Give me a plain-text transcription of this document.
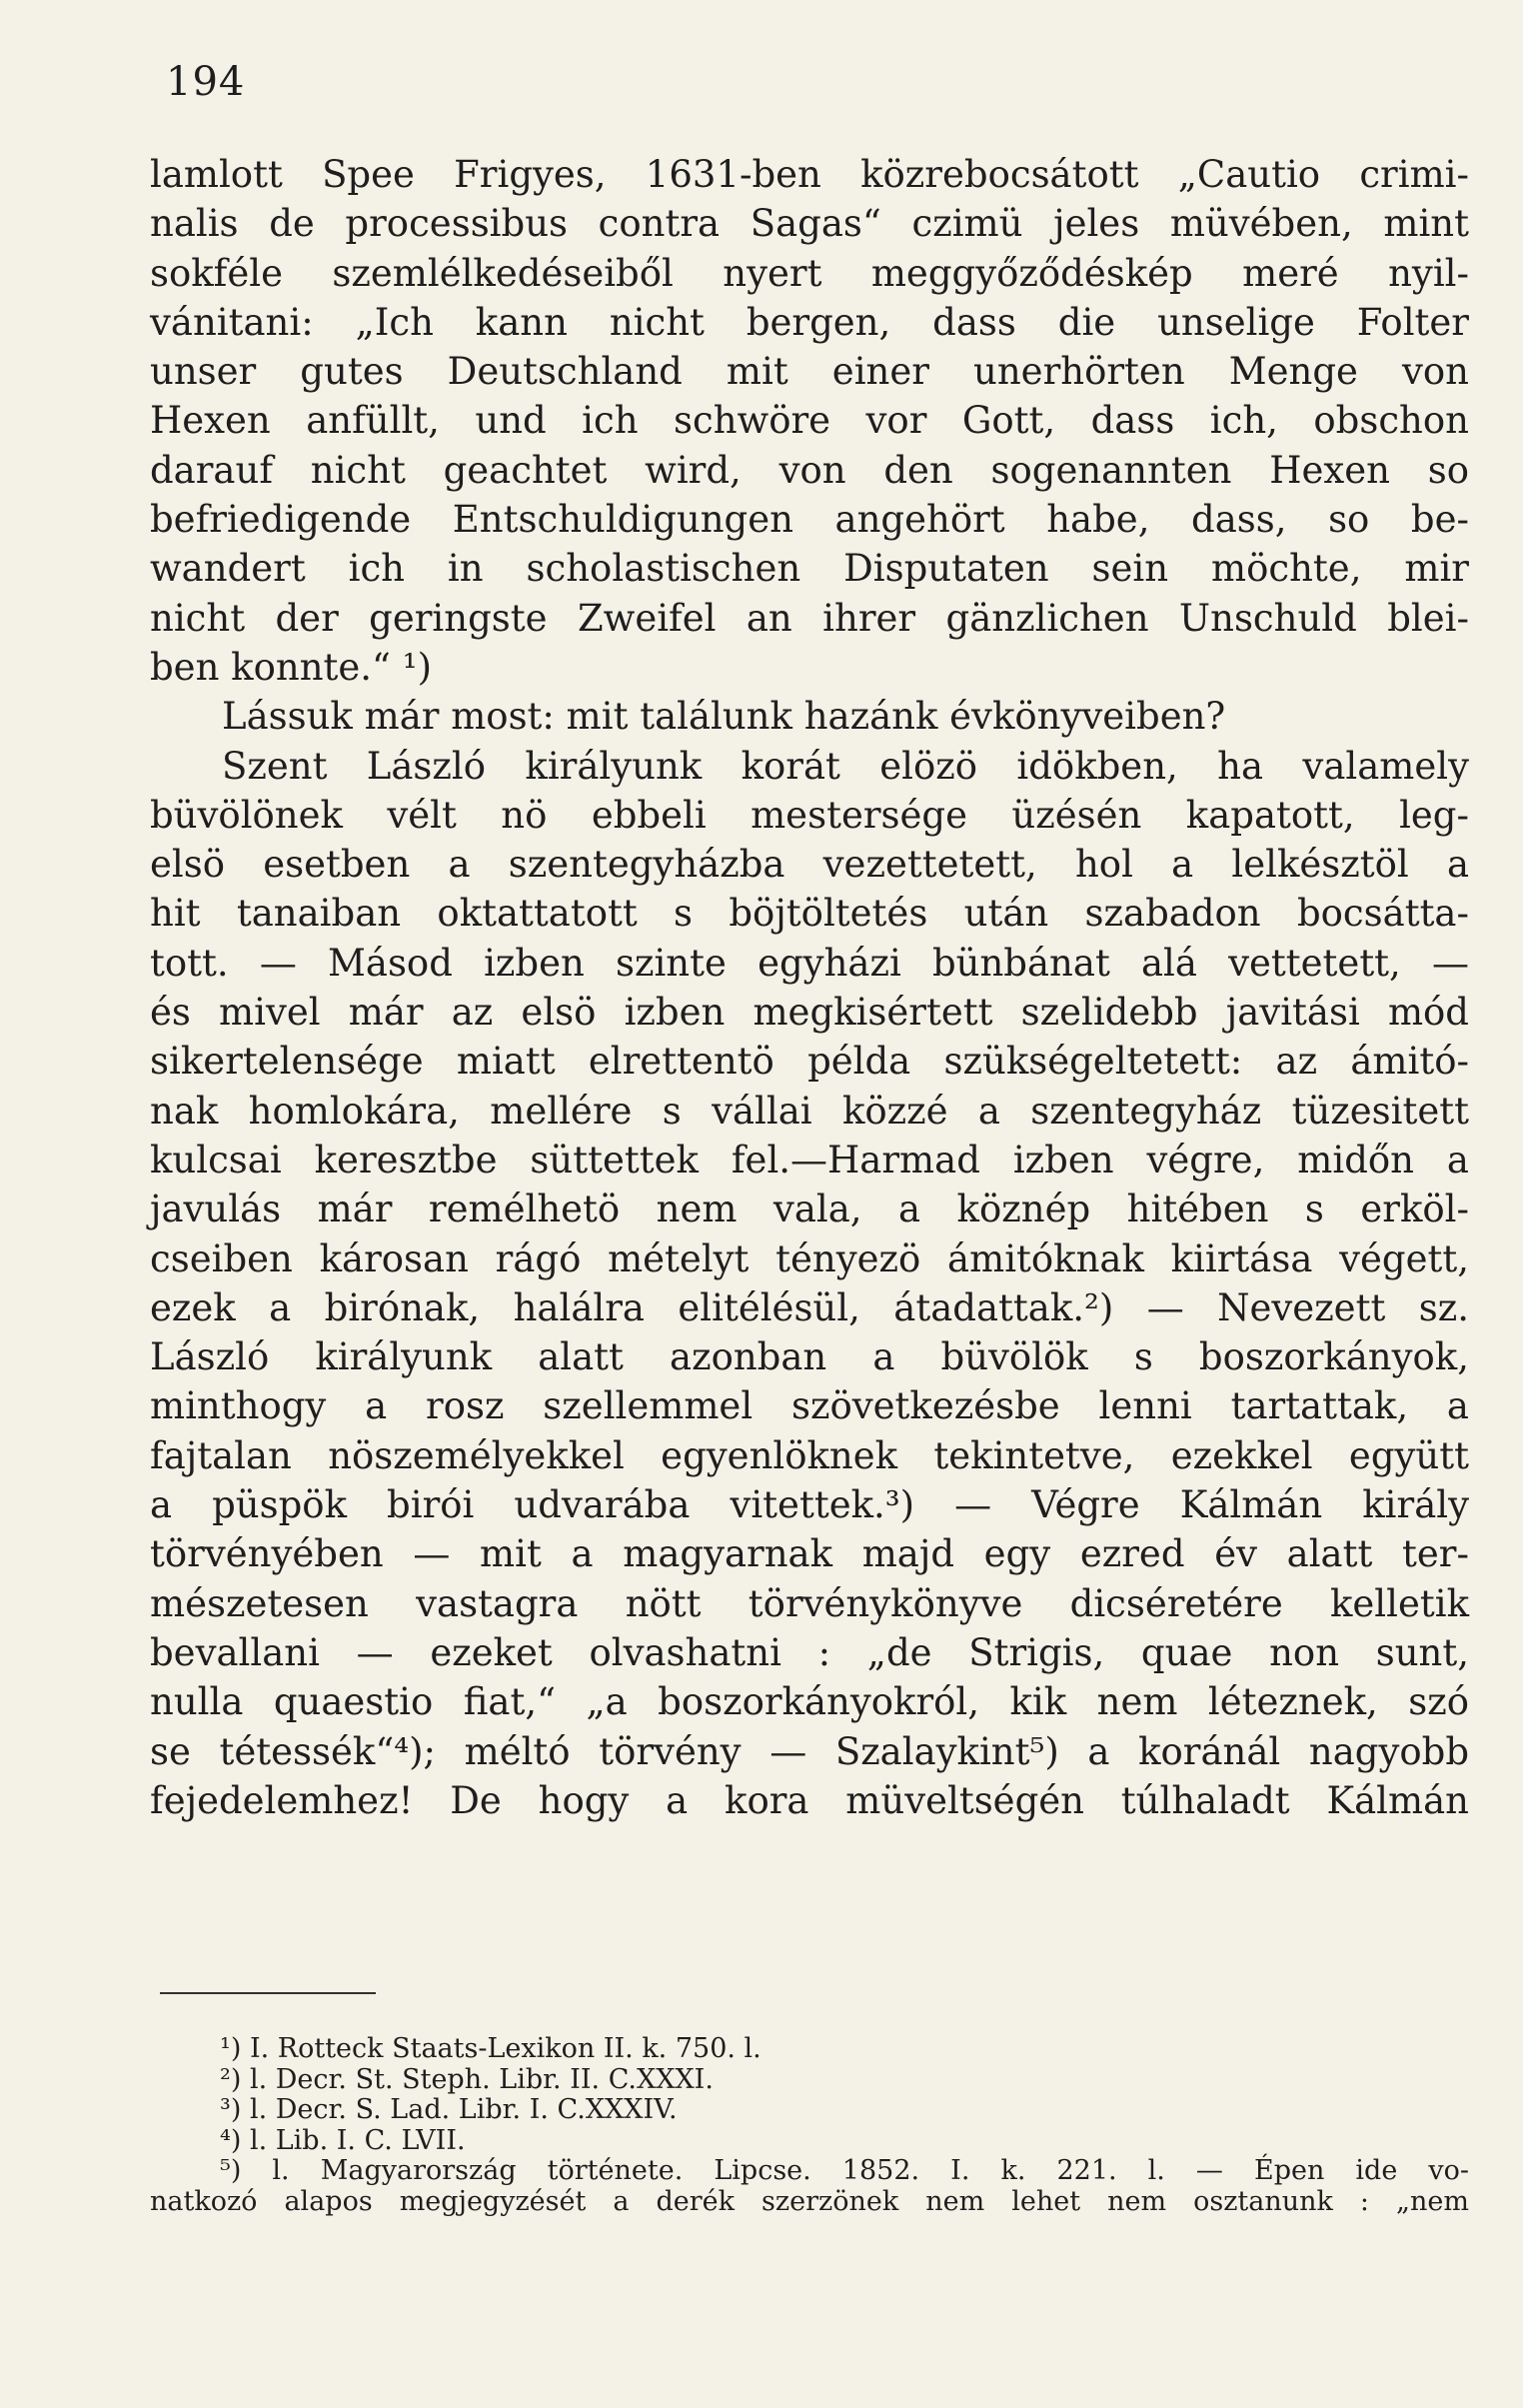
194
lamlott Spee Frigyes, 1631-ben közrebocsátott „Cautio crimi-
nalis de processibus contra Sagas“ czimü jeles müvében, mint
sokféle szemlélkedéseiből nyert meggyőződéskép meré nyil-
vánitani: „Ich kann nicht bergen, dass die unselige Folter
unser gutes Deutschland mit einer unerhörten Menge von
Hexen anfüllt, und ich schwöre vor Gott, dass ich, obschon
darauf nicht geachtet wird, von den sogenannten Hexen so
befriedigende Entschuldigungen angehört habe, dass, so be-
wandert ich in scholastischen Disputaten sein möchte, mir
nicht der geringste Zweifel an ihrer gänzlichen Unschuld blei-
ben konnte.“ ¹)
Lássuk már most: mit találunk hazánk évkönyveiben?
Szent László királyunk korát elözö idökben, ha valamely
büvölönek vélt nö ebbeli mestersége üzésén kapatott, leg-
elsö esetben a szentegyházba vezettetett, hol a lelkésztöl a
hit tanaiban oktattatott s böjtöltetés után szabadon bocsátta-
tott. — Másod izben szinte egyházi bünbánat alá vettetett, —
és mivel már az elsö izben megkisértett szelidebb javitási mód
sikertelensége miatt elrettentö példa szükségeltetett: az ámitó-
nak homlokára, mellére s vállai közzé a szentegyház tüzesitett
kulcsai keresztbe süttettek fel.—Harmad izben végre, midőn a
javulás már remélhetö nem vala, a köznép hitében s erköl-
cseiben károsan rágó mételyt tényezö ámitóknak kiirtása végett,
ezek a birónak, halálra elitélésül, átadattak.²) — Nevezett sz.
László királyunk alatt azonban a büvölök s boszorkányok,
minthogy a rosz szellemmel szövetkezésbe lenni tartattak, a
fajtalan nöszemélyekkel egyenlöknek tekintetve, ezekkel együtt
a püspök birói udvarába vitettek.³) — Végre Kálmán király
törvényében — mit a magyarnak majd egy ezred év alatt ter-
mészetesen vastagra nött törvénykönyve dicséretére kelletik
bevallani — ezeket olvashatni : „de Strigis, quae non sunt,
nulla quaestio fiat,“ „a boszorkányokról, kik nem léteznek, szó
se tétessék“⁴); méltó törvény — Szalaykint⁵) a koránál nagyobb
fejedelemhez! De hogy a kora müveltségén túlhaladt Kálmán
¹) I. Rotteck Staats-Lexikon II. k. 750. l.
²) l. Decr. St. Steph. Libr. II. C.XXXI.
³) l. Decr. S. Lad. Libr. I. C.XXXIV.
⁴) l. Lib. I. C. LVII.
⁵) l. Magyarország története. Lipcse. 1852. I. k. 221. l. — Épen ide vo-
natkozó alapos megjegyzését a derék szerzönek nem lehet nem osztanunk : „nem
